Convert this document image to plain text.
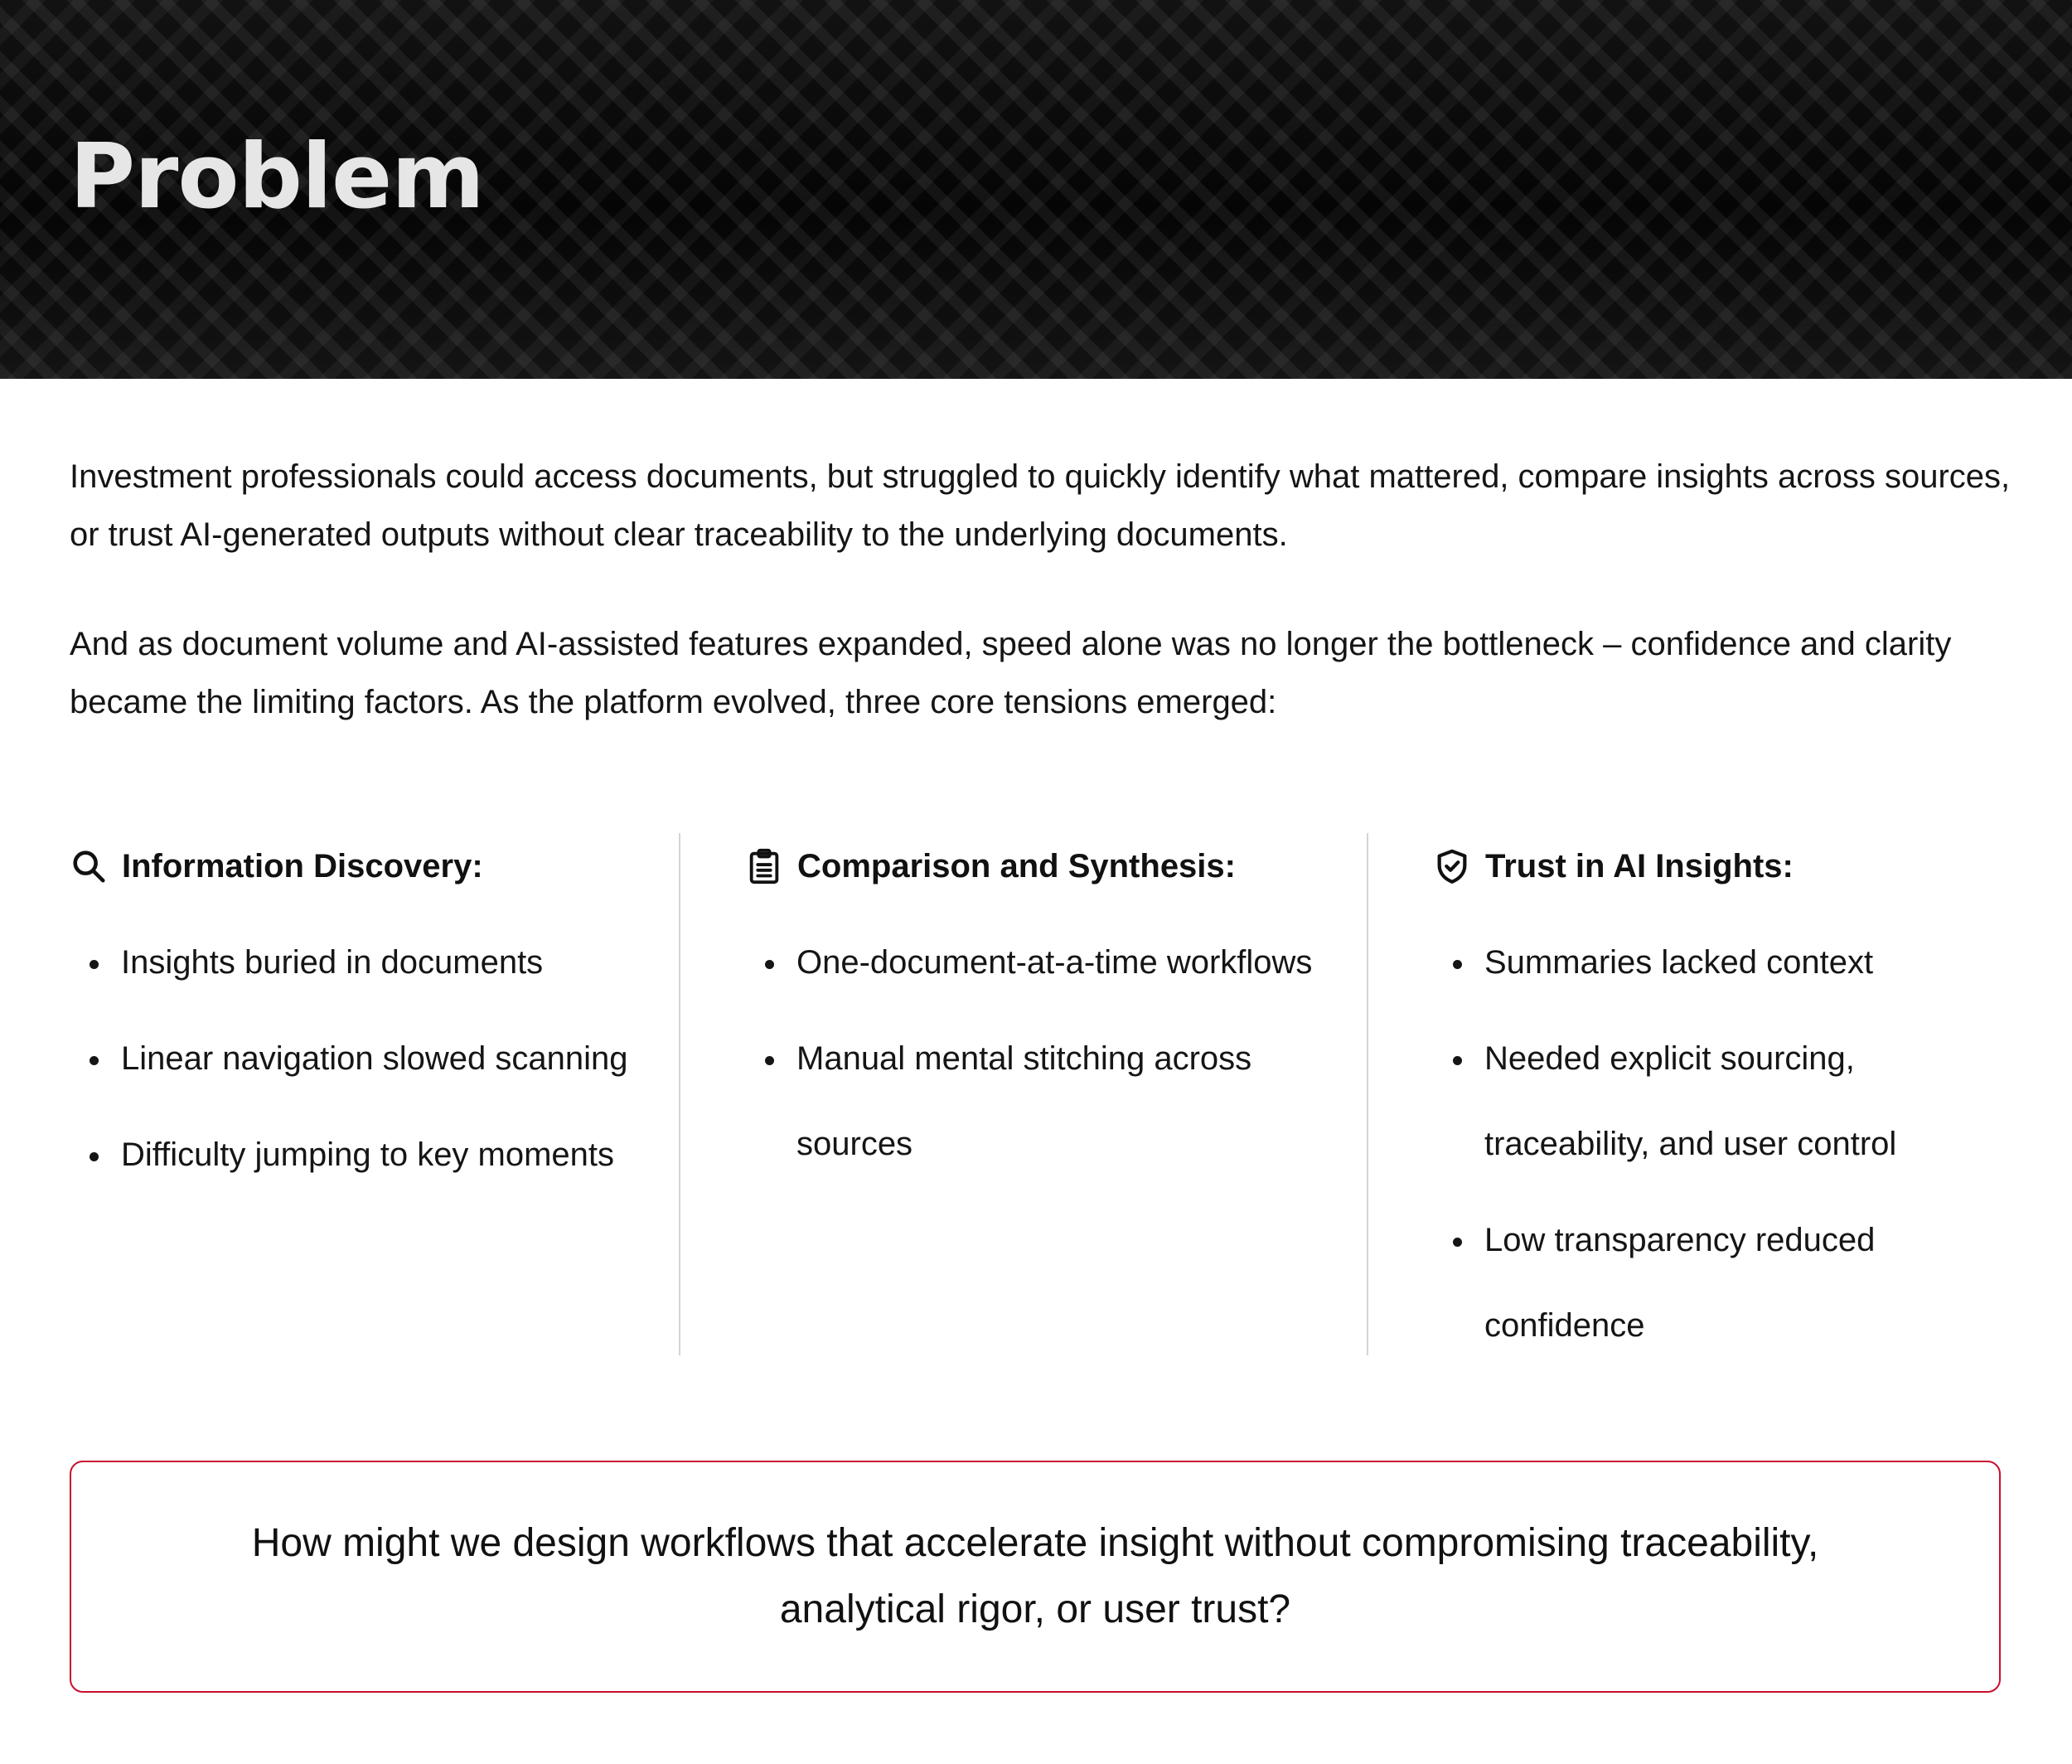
Problem

Investment professionals could access documents, but struggled to quickly identify what mattered, compare insights across sources, or trust AI-generated outputs without clear traceability to the underlying documents.

And as document volume and AI-assisted features expanded, speed alone was no longer the bottleneck – confidence and clarity became the limiting factors. As the platform evolved, three core tensions emerged:

Information Discovery:
Insights buried in documents
Linear navigation slowed scanning
Difficulty jumping to key moments
Comparison and Synthesis:
One-document-at-a-time workflows
Manual mental stitching across sources
Trust in AI Insights:
Summaries lacked context
Needed explicit sourcing, traceability, and user control
Low transparency reduced confidence

How might we design workflows that accelerate insight without compromising traceability, analytical rigor, or user trust?
